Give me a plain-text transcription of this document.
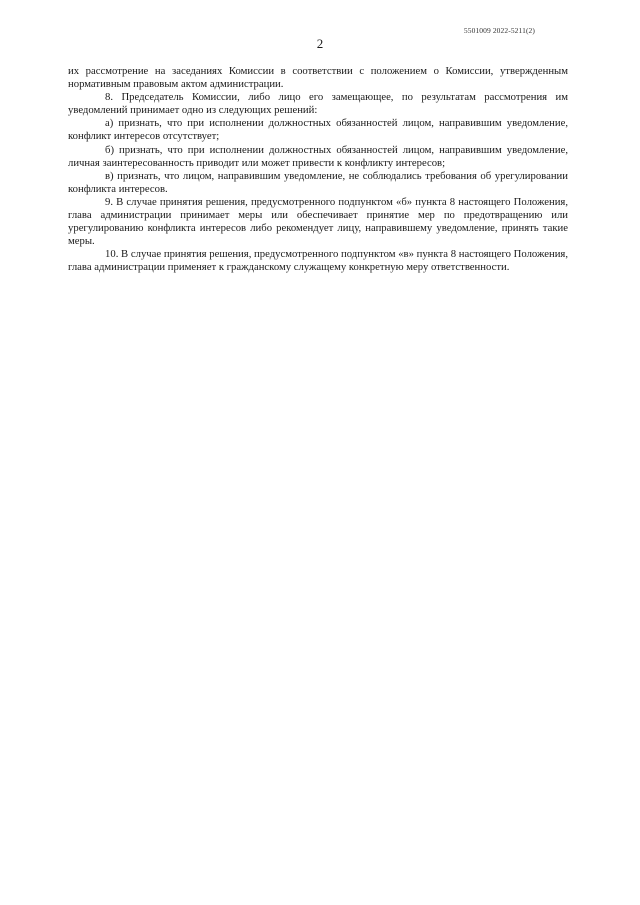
5501009 2022-5211(2)
2

их рассмотрение на заседаниях Комиссии в соответствии с положением о Комиссии, утвержденным нормативным правовым актом администрации.

8. Председатель Комиссии, либо лицо его замещающее, по результатам рассмотрения им уведомлений принимает одно из следующих решений:

а) признать, что при исполнении должностных обязанностей лицом, направившим уведомление, конфликт интересов отсутствует;

б) признать, что при исполнении должностных обязанностей лицом, направившим уведомление, личная заинтересованность приводит или может привести к конфликту интересов;

в) признать, что лицом, направившим уведомление, не соблюдались требования об урегулировании конфликта интересов.

9. В случае принятия решения, предусмотренного подпунктом «б» пункта 8 настоящего Положения, глава администрации принимает меры или обеспечивает принятие мер по предотвращению или урегулированию конфликта интересов либо рекомендует лицу, направившему уведомление, принять такие меры.

10. В случае принятия решения, предусмотренного подпунктом «в» пункта 8 настоящего Положения, глава администрации применяет к гражданскому служащему конкретную меру ответственности.
